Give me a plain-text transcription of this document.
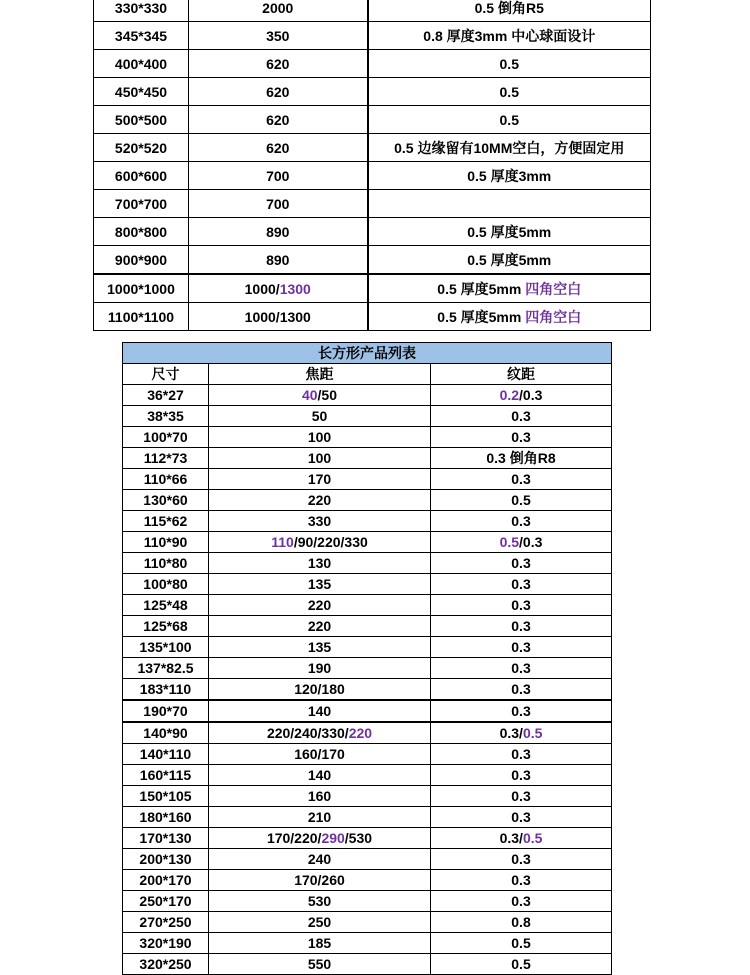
330*330	2000	0.5 倒角R5
345*345	350	0.8 厚度3mm 中心球面设计
400*400	620	0.5
450*450	620	0.5
500*500	620	0.5
520*520	620	0.5 边缘留有10MM空白，方便固定用
600*600	700	0.5 厚度3mm
700*700	700	
800*800	890	0.5 厚度5mm
900*900	890	0.5 厚度5mm
1000*1000	1000/1300	0.5 厚度5mm 四角空白
1100*1100	1000/1300	0.5 厚度5mm 四角空白
长方形产品列表		
尺寸	焦距	纹距
36*27	40/50	0.2/0.3
38*35	50	0.3
100*70	100	0.3
112*73	100	0.3 倒角R8
110*66	170	0.3
130*60	220	0.5
115*62	330	0.3
110*90	110/90/220/330	0.5/0.3
110*80	130	0.3
100*80	135	0.3
125*48	220	0.3
125*68	220	0.3
135*100	135	0.3
137*82.5	190	0.3
183*110	120/180	0.3
190*70	140	0.3
140*90	220/240/330/220	0.3/0.5
140*110	160/170	0.3
160*115	140	0.3
150*105	160	0.3
180*160	210	0.3
170*130	170/220/290/530	0.3/0.5
200*130	240	0.3
200*170	170/260	0.3
250*170	530	0.3
270*250	250	0.8
320*190	185	0.5
320*250	550	0.5
